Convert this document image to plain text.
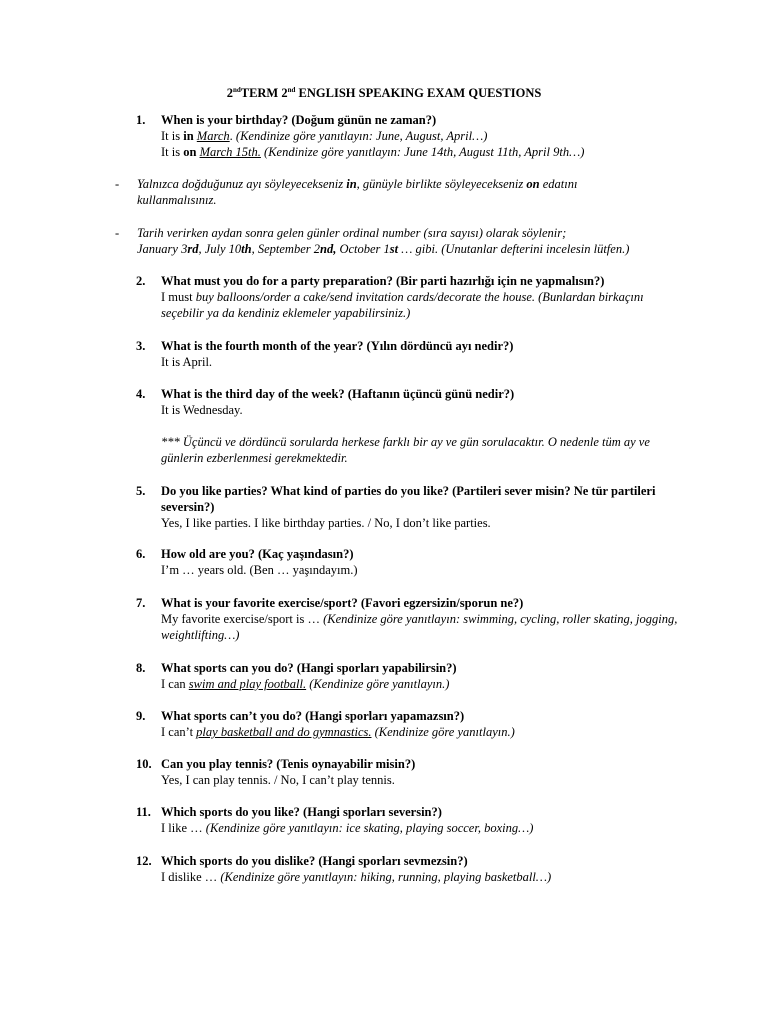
2ndTERM 2nd ENGLISH SPEAKING EXAM QUESTIONS
1. When is your birthday? (Doğum günün ne zaman?)
It is in March. (Kendinize göre yanıtlayın: June, August, April…)
It is on March 15th. (Kendinize göre yanıtlayın: June 14th, August 11th, April 9th…)
- Yalnızca doğduğunuz ayı söyleyecekseniz in, günüyle birlikte söyleyecekseniz on edatını kullanmalısınız.
- Tarih verirken aydan sonra gelen günler ordinal number (sıra sayısı) olarak söylenir;
January 3rd, July 10th, September 2nd, October 1st … gibi. (Unutanlar defterini incelesin lütfen.)
2. What must you do for a party preparation? (Bir parti hazırlığı için ne yapmalısın?)
I must buy balloons/order a cake/send invitation cards/decorate the house. (Bunlardan birkaçını seçebilir ya da kendiniz eklemeler yapabilirsiniz.)
3. What is the fourth month of the year? (Yılın dördüncü ayı nedir?)
It is April.
4. What is the third day of the week? (Haftanın üçüncü günü nedir?)
It is Wednesday.
*** Üçüncü ve dördüncü sorularda herkese farklı bir ay ve gün sorulacaktır. O nedenle tüm ay ve günlerin ezberlenmesi gerekmektedir.
5. Do you like parties? What kind of parties do you like? (Partileri sever misin? Ne tür partileri seversin?)
Yes, I like parties. I like birthday parties. / No, I don’t like parties.
6. How old are you? (Kaç yaşındasın?)
I’m … years old. (Ben … yaşındayım.)
7. What is your favorite exercise/sport? (Favori egzersizin/sporun ne?)
My favorite exercise/sport is … (Kendinize göre yanıtlayın: swimming, cycling, roller skating, jogging, weightlifting…)
8. What sports can you do? (Hangi sporları yapabilirsin?)
I can swim and play football. (Kendinize göre yanıtlayın.)
9. What sports can’t you do? (Hangi sporları yapamazsın?)
I can’t play basketball and do gymnastics. (Kendinize göre yanıtlayın.)
10. Can you play tennis? (Tenis oynayabilir misin?)
Yes, I can play tennis. / No, I can’t play tennis.
11. Which sports do you like? (Hangi sporları seversin?)
I like … (Kendinize göre yanıtlayın: ice skating, playing soccer, boxing…)
12. Which sports do you dislike? (Hangi sporları sevmezsin?)
I dislike … (Kendinize göre yanıtlayın: hiking, running, playing basketball…)
